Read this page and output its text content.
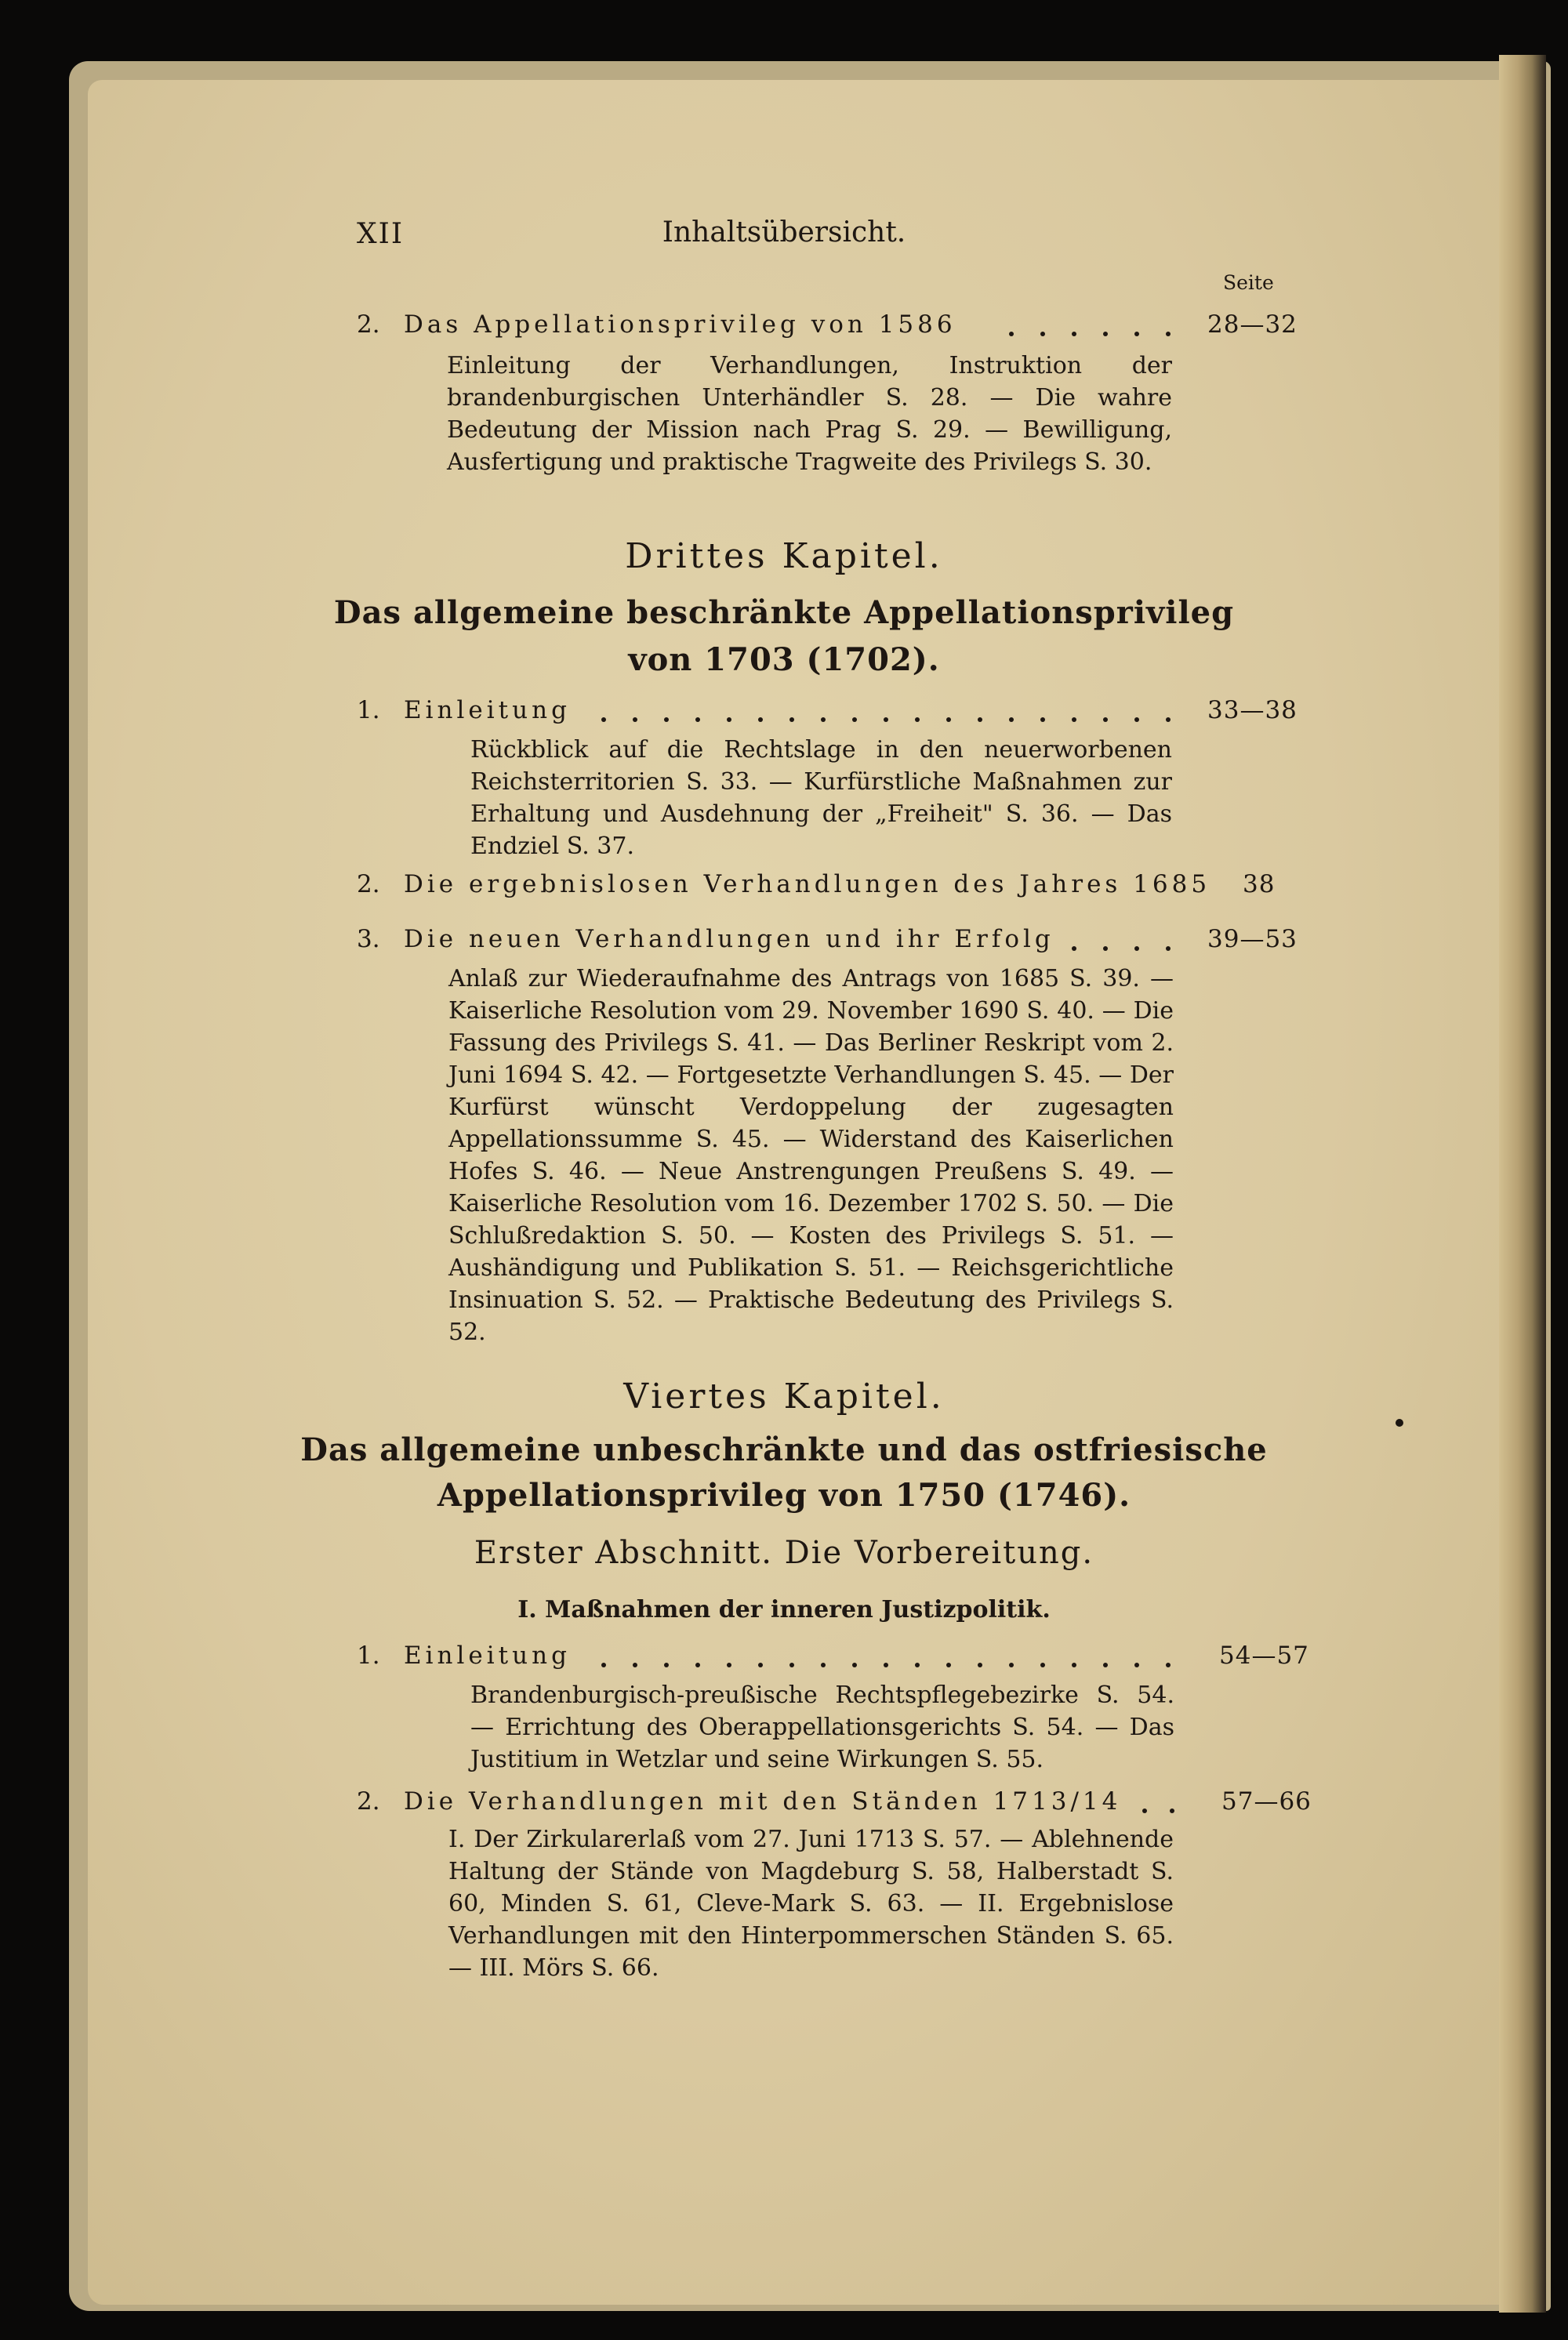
XII	Inhaltsübersicht.
Seite
2. Das Appellationsprivileg von 1586	28—32
Einleitung der Verhandlungen, Instruktion der brandenburgischen Unterhändler S. 28. — Die wahre Bedeutung der Mission nach Prag S. 29. — Bewilligung, Ausfertigung und praktische Tragweite des Privilegs S. 30.
Drittes Kapitel.
Das allgemeine beschränkte Appellationsprivileg
von 1703 (1702).
1. Einleitung	33—38
Rückblick auf die Rechtslage in den neuerworbenen Reichsterritorien S. 33. — Kurfürstliche Maßnahmen zur Erhaltung und Ausdehnung der „Freiheit" S. 36. — Das Endziel S. 37.
2. Die ergebnislosen Verhandlungen des Jahres 1685 38
3. Die neuen Verhandlungen und ihr Erfolg	39—53
Anlaß zur Wiederaufnahme des Antrags von 1685 S. 39. — Kaiserliche Resolution vom 29. November 1690 S. 40. — Die Fassung des Privilegs S. 41. — Das Berliner Reskript vom 2. Juni 1694 S. 42. — Fortgesetzte Verhandlungen S. 45. — Der Kurfürst wünscht Verdoppelung der zugesagten Appellationssumme S. 45. — Widerstand des Kaiserlichen Hofes S. 46. — Neue Anstrengungen Preußens S. 49. — Kaiserliche Resolution vom 16. Dezember 1702 S. 50. — Die Schlußredaktion S. 50. — Kosten des Privilegs S. 51. — Aushändigung und Publikation S. 51. — Reichsgerichtliche Insinuation S. 52. — Praktische Bedeutung des Privilegs S. 52.
Viertes Kapitel.
Das allgemeine unbeschränkte und das ostfriesische
Appellationsprivileg von 1750 (1746).
Erster Abschnitt. Die Vorbereitung.
I. Maßnahmen der inneren Justizpolitik.
1. Einleitung	54—57
Brandenburgisch-preußische Rechtspflegebezirke S. 54. — Errichtung des Oberappellationsgerichts S. 54. — Das Justitium in Wetzlar und seine Wirkungen S. 55.
2. Die Verhandlungen mit den Ständen 1713/14	57—66
I. Der Zirkularerlaß vom 27. Juni 1713 S. 57. — Ablehnende Haltung der Stände von Magdeburg S. 58, Halberstadt S. 60, Minden S. 61, Cleve-Mark S. 63. — II. Ergebnislose Verhandlungen mit den Hinterpommerschen Ständen S. 65. — III. Mörs S. 66.
